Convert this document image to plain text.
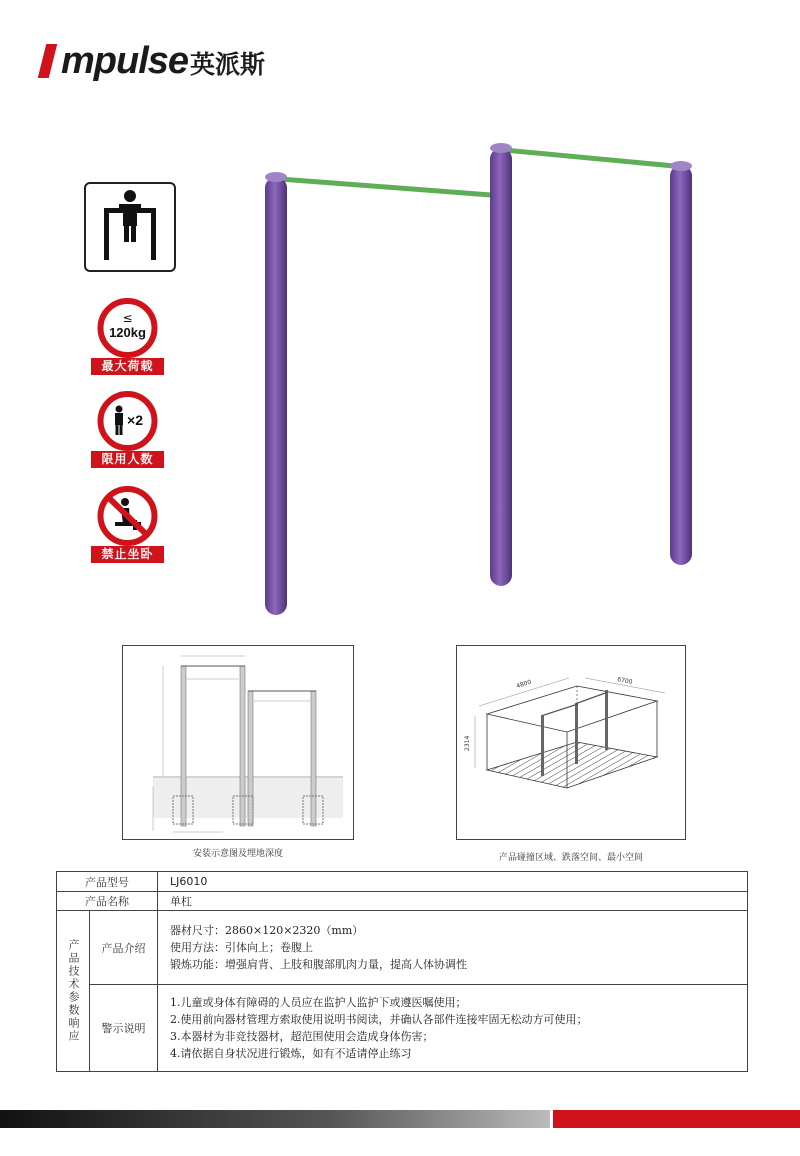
mpulse 英派斯
≤
120kg
最大荷载
×2
限用人数
禁止坐卧
安装示意图及埋地深度
4800	6700
2314
产品碰撞区域、跌落空间、最小空间
产品型号		LJ6010
产品名称		单杠

产品技术参数响应	产品介绍	器材尺寸：2860×120×2320（mm）
使用方法：引体向上；卷腹上
锻炼功能：增强肩背、上肢和腹部肌肉力量，提高人体协调性

	警示说明	1.儿童或身体有障碍的人员应在监护人监护下或遵医嘱使用；
2.使用前向器材管理方索取使用说明书阅读，并确认各部件连接牢固无松动方可使用；
3.本器材为非竞技器材，超范围使用会造成身体伤害；
4.请依据自身状况进行锻炼，如有不适请停止练习
